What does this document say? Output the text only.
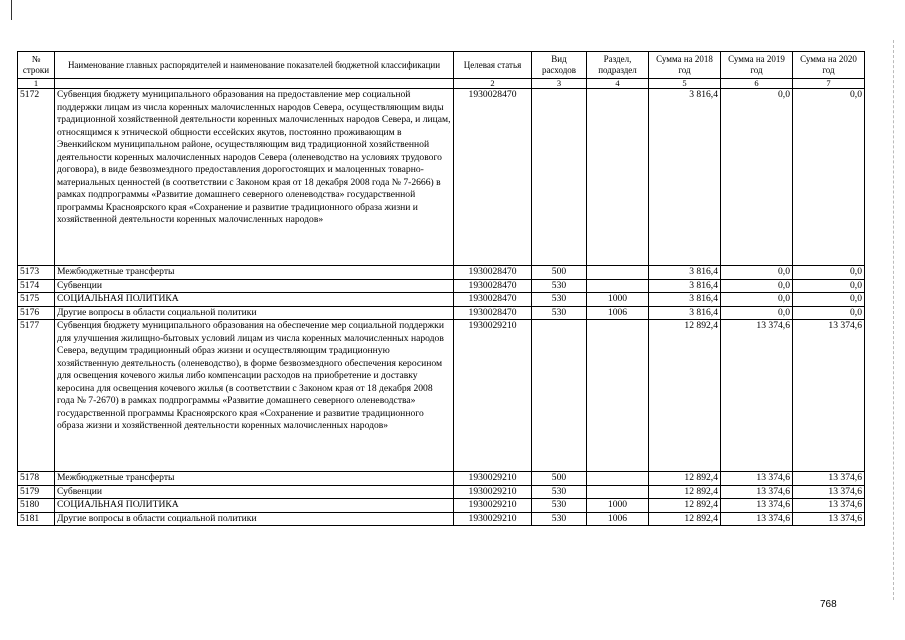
№ строки	Наименование главных распорядителей и наименование показателей бюджетной классификации	Целевая статья	Вид расходов	Раздел, подраздел	Сумма на 2018 год	Сумма на 2019 год	Сумма на 2020 год
1		2	3	4	5	6	7
5172	Субвенция бюджету муниципального образования на предоставление мер социальной поддержки лицам из числа коренных малочисленных народов Севера, осуществляющим виды традиционной хозяйственной деятельности коренных малочисленных народов Севера, и лицам, относящимся к этнической общности ессейских якутов, постоянно проживающим в Эвенкийском муниципальном районе, осуществляющим вид традиционной хозяйственной деятельности коренных малочисленных народов Севера (оленеводство на условиях трудового договора), в виде безвозмездного предоставления дорогостоящих и малоценных товарно-материальных ценностей (в соответствии с Законом края от 18 декабря 2008 года № 7-2666) в рамках подпрограммы «Развитие домашнего северного оленеводства» государственной программы Красноярского края «Сохранение и развитие традиционного образа жизни и хозяйственной деятельности коренных малочисленных народов»	1930028470			3 816,4	0,0	0,0
5173	Межбюджетные трансферты	1930028470	500		3 816,4	0,0	0,0
5174	Субвенции	1930028470	530		3 816,4	0,0	0,0
5175	СОЦИАЛЬНАЯ ПОЛИТИКА	1930028470	530	1000	3 816,4	0,0	0,0
5176	Другие вопросы в области социальной политики	1930028470	530	1006	3 816,4	0,0	0,0
5177	Субвенция бюджету муниципального образования на обеспечение мер социальной поддержки для улучшения жилищно-бытовых условий лицам из числа коренных малочисленных народов Севера, ведущим традиционный образ жизни и осуществляющим традиционную хозяйственную деятельность (оленеводство), в форме безвозмездного обеспечения керосином для освещения кочевого жилья либо компенсации расходов на приобретение и доставку керосина для освещения кочевого жилья (в соответствии с Законом края от 18 декабря 2008 года № 7-2670) в рамках подпрограммы «Развитие домашнего северного оленеводства» государственной программы Красноярского края «Сохранение и развитие традиционного образа жизни и хозяйственной деятельности коренных малочисленных народов»	1930029210			12 892,4	13 374,6	13 374,6
5178	Межбюджетные трансферты	1930029210	500		12 892,4	13 374,6	13 374,6
5179	Субвенции	1930029210	530		12 892,4	13 374,6	13 374,6
5180	СОЦИАЛЬНАЯ ПОЛИТИКА	1930029210	530	1000	12 892,4	13 374,6	13 374,6
5181	Другие вопросы в области социальной политики	1930029210	530	1006	12 892,4	13 374,6	13 374,6
768
